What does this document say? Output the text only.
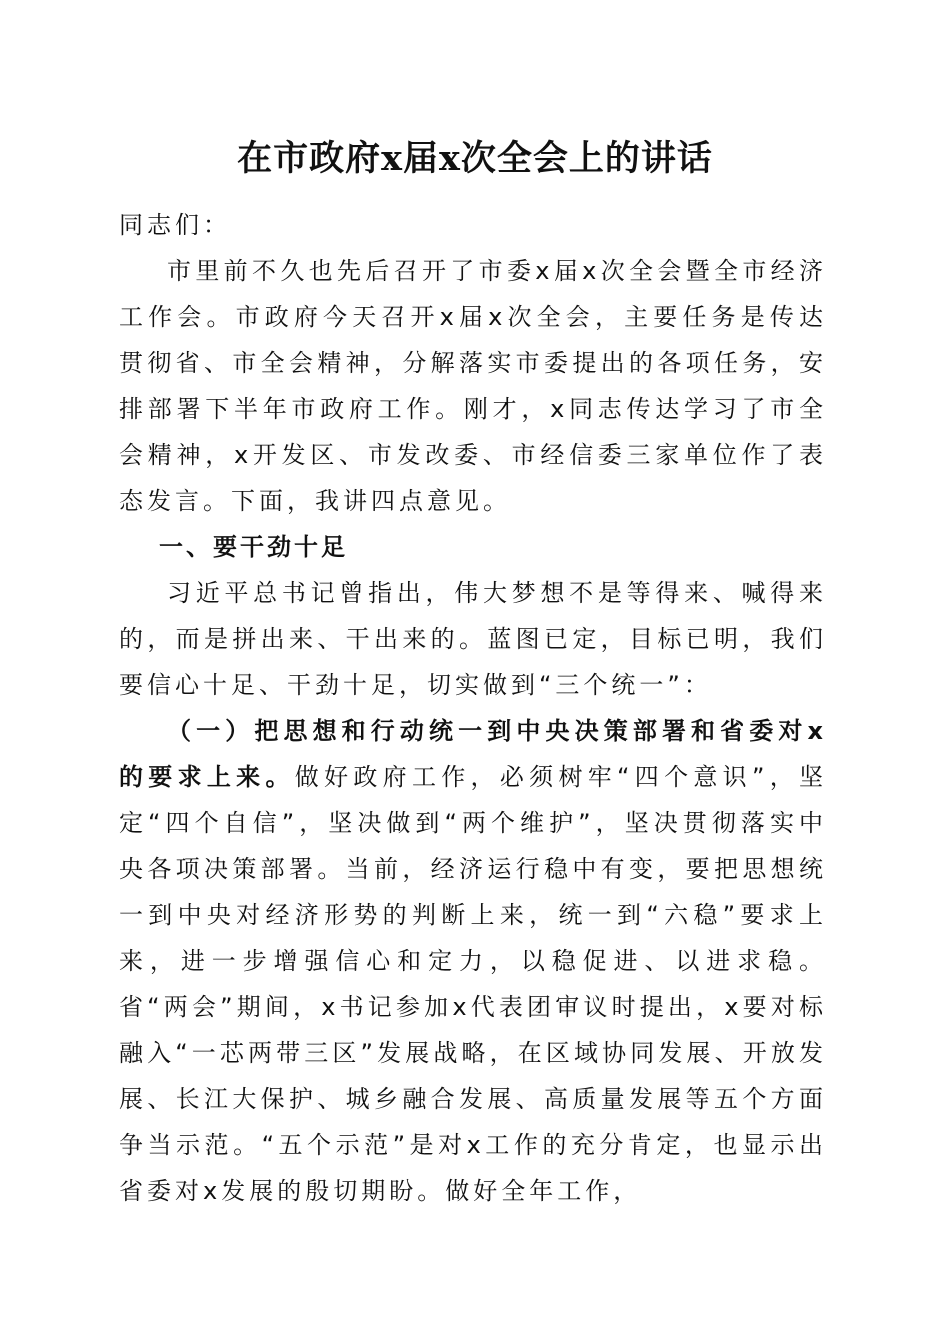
在市政府x届x次全会上的讲话

同志们：

市里前不久也先后召开了市委x届x次全会暨全市经济工作会。市政府今天召开x届x次全会，主要任务是传达贯彻省、市全会精神，分解落实市委提出的各项任务，安排部署下半年市政府工作。刚才，x同志传达学习了市全会精神，x开发区、市发改委、市经信委三家单位作了表态发言。下面，我讲四点意见。

一、要干劲十足

习近平总书记曾指出，伟大梦想不是等得来、喊得来的，而是拼出来、干出来的。蓝图已定，目标已明，我们要信心十足、干劲十足，切实做到“三个统一”：

（一）把思想和行动统一到中央决策部署和省委对x的要求上来。做好政府工作，必须树牢“四个意识”，坚定“四个自信”，坚决做到“两个维护”，坚决贯彻落实中央各项决策部署。当前，经济运行稳中有变，要把思想统一到中央对经济形势的判断上来，统一到“六稳”要求上来，进一步增强信心和定力，以稳促进、以进求稳。省“两会”期间，x书记参加x代表团审议时提出，x要对标融入“一芯两带三区”发展战略，在区域协同发展、开放发展、长江大保护、城乡融合发展、高质量发展等五个方面争当示范。“五个示范”是对x工作的充分肯定，也显示出省委对x发展的殷切期盼。做好全年工作，
